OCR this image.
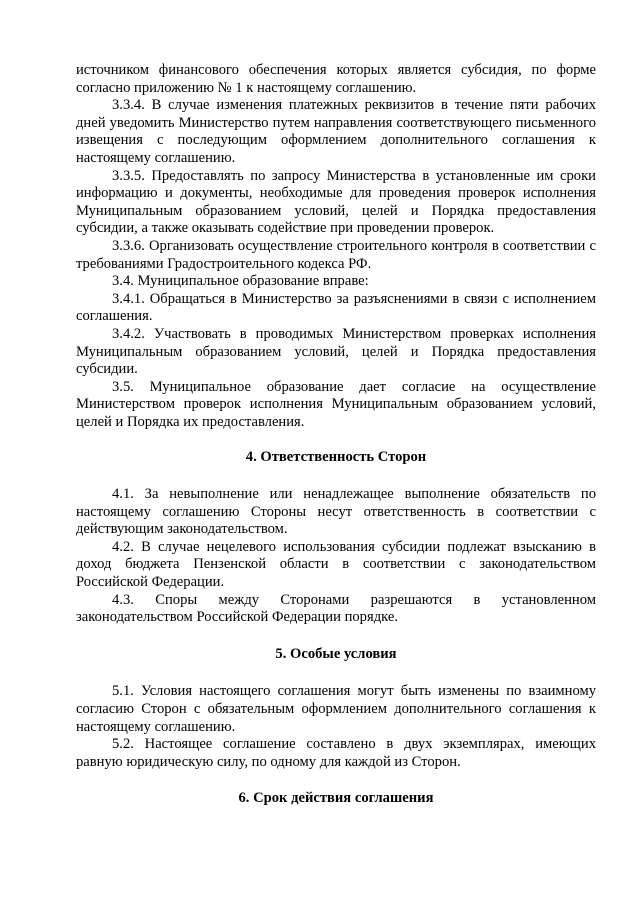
источником финансового обеспечения которых является субсидия, по форме согласно приложению № 1 к настоящему соглашению.

3.3.4. В случае изменения платежных реквизитов в течение пяти рабочих дней уведомить Министерство путем направления соответствующего письменного извещения с последующим оформлением дополнительного соглашения к настоящему соглашению.

3.3.5. Предоставлять по запросу Министерства в установленные им сроки информацию и документы, необходимые для проведения проверок исполнения Муниципальным образованием условий, целей и Порядка предоставления субсидии, а также оказывать содействие при проведении проверок.

3.3.6. Организовать осуществление строительного контроля в соответствии с требованиями Градостроительного кодекса РФ.

3.4. Муниципальное образование вправе:

3.4.1. Обращаться в Министерство за разъяснениями в связи с исполнением соглашения.

3.4.2. Участвовать в проводимых Министерством проверках исполнения Муниципальным образованием условий, целей и Порядка предоставления субсидии.

3.5. Муниципальное образование дает согласие на осуществление Министерством проверок исполнения Муниципальным образованием условий, целей и Порядка их предоставления.

4. Ответственность Сторон

4.1. За невыполнение или ненадлежащее выполнение обязательств по настоящему соглашению Стороны несут ответственность в соответствии с действующим законодательством.

4.2. В случае нецелевого использования субсидии подлежат взысканию в доход бюджета Пензенской области в соответствии с законодательством Российской Федерации.

4.3. Споры между Сторонами разрешаются в установленном законодательством Российской Федерации порядке.

5. Особые условия

5.1. Условия настоящего соглашения могут быть изменены по взаимному согласию Сторон с обязательным оформлением дополнительного соглашения к настоящему соглашению.

5.2. Настоящее соглашение составлено в двух экземплярах, имеющих равную юридическую силу, по одному для каждой из Сторон.

6. Срок действия соглашения
